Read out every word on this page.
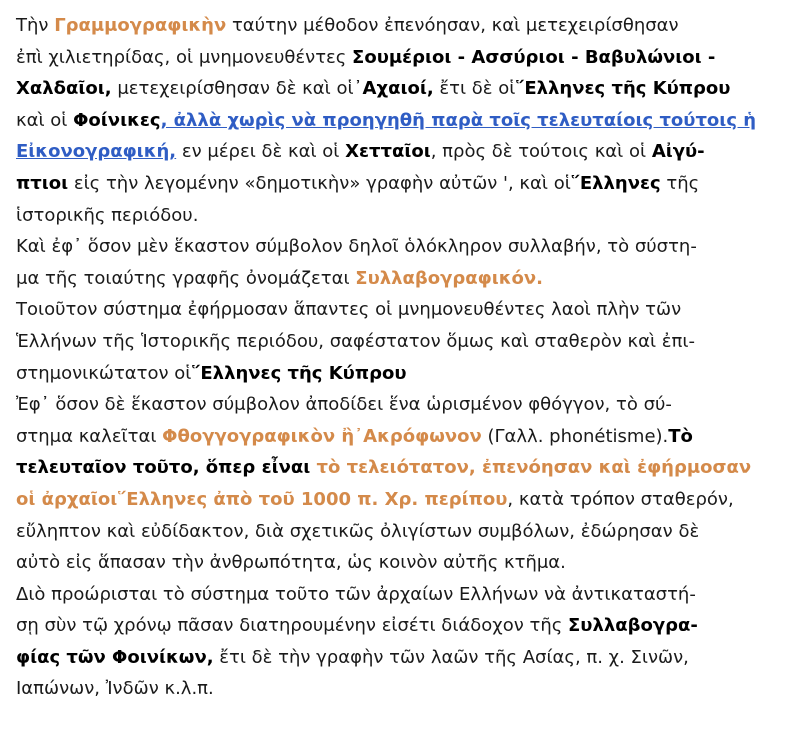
Τὴν Γραμμογραφικὴν ταύτην μέθοδον ἐπενόησαν, καὶ μετεχειρίσθησαν
ἐπὶ χιλιετηρίδας, οἱ μνημονευθέντες Σουμέριοι - Ασσύριοι - Βαβυλώνιοι -
Χαλδαῖοι, μετεχειρίσθησαν δὲ καὶ οἱ᾽Αχαιοί, ἔτι δὲ οἱ῞Ελληνες τῆς Κύπρου
καὶ οἱ Φοίνικες, ἀλλὰ χωρὶς νὰ προηγηθῆ παρὰ τοῖς τελευταίοις τούτοις ἡ
Εἰκονογραφική, εν μέρει δὲ καὶ οἱ Χετταῖοι, πρὸς δὲ τούτοις καὶ οἱ Αἰγύ-
πτιοι εἰς τὴν λεγομένην «δημοτικὴν» γραφὴν αὐτῶν ', καὶ οἱ῞Ελληνες τῆς
ἱστορικῆς περιόδου.
Καὶ ἐφ᾽ ὅσον μὲν ἕκαστον σύμβολον δηλοῖ ὁλόκληρον συλλαβήν, τὸ σύστη-
μα τῆς τοιαύτης γραφῆς ὀνομάζεται Συλλαβογραφικόν.
Τοιοῦτον σύστημα ἐφήρμοσαν ἅπαντες οἱ μνημονευθέντες λαοὶ πλὴν τῶν
Ἑλλήνων τῆς Ἱστορικῆς περιόδου, σαφέστατον ὅμως καὶ σταθερὸν καὶ ἐπι-
στημονικώτατον οἱ῞Ελληνες τῆς Κύπρου
Ἐφ᾽ ὅσον δὲ ἕκαστον σύμβολον ἀποδίδει ἕνα ὡρισμένον φθόγγον, τὸ σύ-
στημα καλεῖται Φθογγογραφικὸν ἢ᾽Ακρόφωνον (Γαλλ. phonétisme).Τὸ
τελευταῖον τοῦτο, ὅπερ εἶναι τὸ τελειότατον, ἐπενόησαν καὶ ἐφήρμοσαν
οἱ ἀρχαῖοι῞Ελληνες ἀπὸ τοῦ 1000 π. Χρ. περίπου, κατὰ τρόπον σταθερόν,
εὔληπτον καὶ εὐδίδακτον, διὰ σχετικῶς ὀλιγίστων συμβόλων, ἐδώρησαν δὲ
αὐτὸ εἰς ἅπασαν τὴν ἀνθρωπότητα, ὡς κοινὸν αὐτῆς κτῆμα.
Διὸ προώρισται τὸ σύστημα τοῦτο τῶν ἀρχαίων Ελλήνων νὰ ἀντικαταστή-
σῃ σὺν τῷ χρόνῳ πᾶσαν διατηρουμένην εἰσέτι διάδοχον τῆς Συλλαβογρα-
φίας τῶν Φοινίκων, ἔτι δὲ τὴν γραφὴν τῶν λαῶν τῆς Ασίας, π. χ. Σινῶν,
Ιαπώνων, Ἰνδῶν κ.λ.π.
